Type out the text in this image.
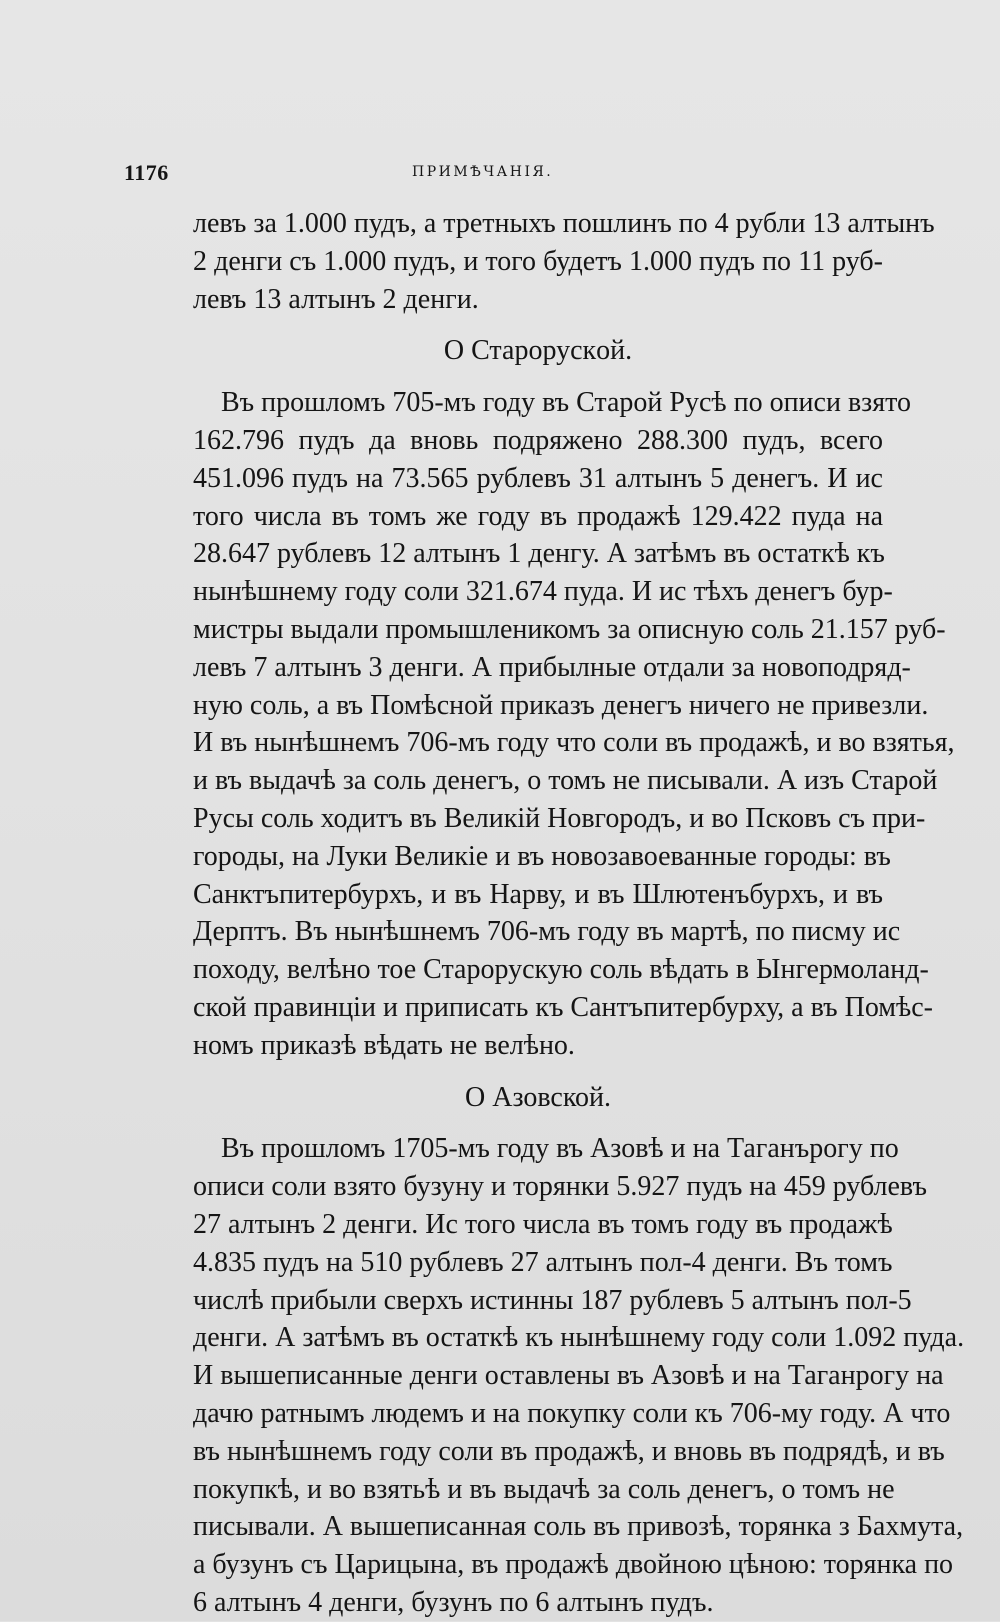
1176	ПРИМѢЧАНІЯ.
левъ за 1.000 пудъ, а третныхъ пошлинъ по 4 рубли 13 алтынъ
2 денги съ 1.000 пудъ, и того будетъ 1.000 пудъ по 11 руб-
левъ 13 алтынъ 2 денги.
О Старорускoй.
Въ прошломъ 705-мъ году въ Старой Русѣ по описи взято
162.796 пудъ да вновь подряжено 288.300 пудъ, всего
451.096 пудъ на 73.565 рублевъ 31 алтынъ 5 денегъ. И ис
того числа въ томъ же году въ продажѣ 129.422 пуда на
28.647 рублевъ 12 алтынъ 1 денгу. А затѣмъ въ остаткѣ къ
нынѣшнему году соли 321.674 пуда. И ис тѣхъ денегъ бур-
мистры выдали промышленикомъ за описную соль 21.157 руб-
левъ 7 алтынъ 3 денги. А прибылные отдали за новоподряд-
ную соль, а въ Помѣсной приказъ денегъ ничего не привезли.
И въ нынѣшнемъ 706-мъ году что соли въ продажѣ, и во взятья,
и въ выдачѣ за соль денегъ, о томъ не писывали. А изъ Старой
Русы соль ходитъ въ Великій Новгородъ, и во Псковъ съ при-
городы, на Луки Великіе и въ новозавоеванные городы: въ
Санктъпитербурхъ, и въ Нарву, и въ Шлютенъбурхъ, и въ
Дерптъ. Въ нынѣшнемъ 706-мъ году въ мартѣ, по писму ис
походу, велѣно тое Старорускую соль вѣдать в Ынгермоланд-
ской правинціи и приписать къ Сантъпитербурху, а въ Помѣс-
номъ приказѣ вѣдать не велѣно.
О Азовской.
Въ прошломъ 1705-мъ году въ Азовѣ и на Таганърогу по
описи соли взято бузуну и торянки 5.927 пудъ на 459 рублевъ
27 алтынъ 2 денги. Ис того числа въ томъ году въ продажѣ
4.835 пудъ на 510 рублевъ 27 алтынъ пол-4 денги. Въ томъ
числѣ прибыли сверхъ истинны 187 рублевъ 5 алтынъ пол-5
денги. А затѣмъ въ остаткѣ къ нынѣшнему году соли 1.092 пуда.
И вышеписанные денги оставлены въ Азовѣ и на Таганрогу на
дачю ратнымъ людемъ и на покупку соли къ 706-му году. А что
въ нынѣшнемъ году соли въ продажѣ, и вновь въ подрядѣ, и въ
покупкѣ, и во взятьѣ и въ выдачѣ за соль денегъ, о томъ не
писывали. А вышеписанная соль въ привозѣ, торянка з Бахмута,
а бузунъ съ Царицына, въ продажѣ двойною цѣною: торянка по
6 алтынъ 4 денги, бузунъ по 6 алтынъ пудъ.
